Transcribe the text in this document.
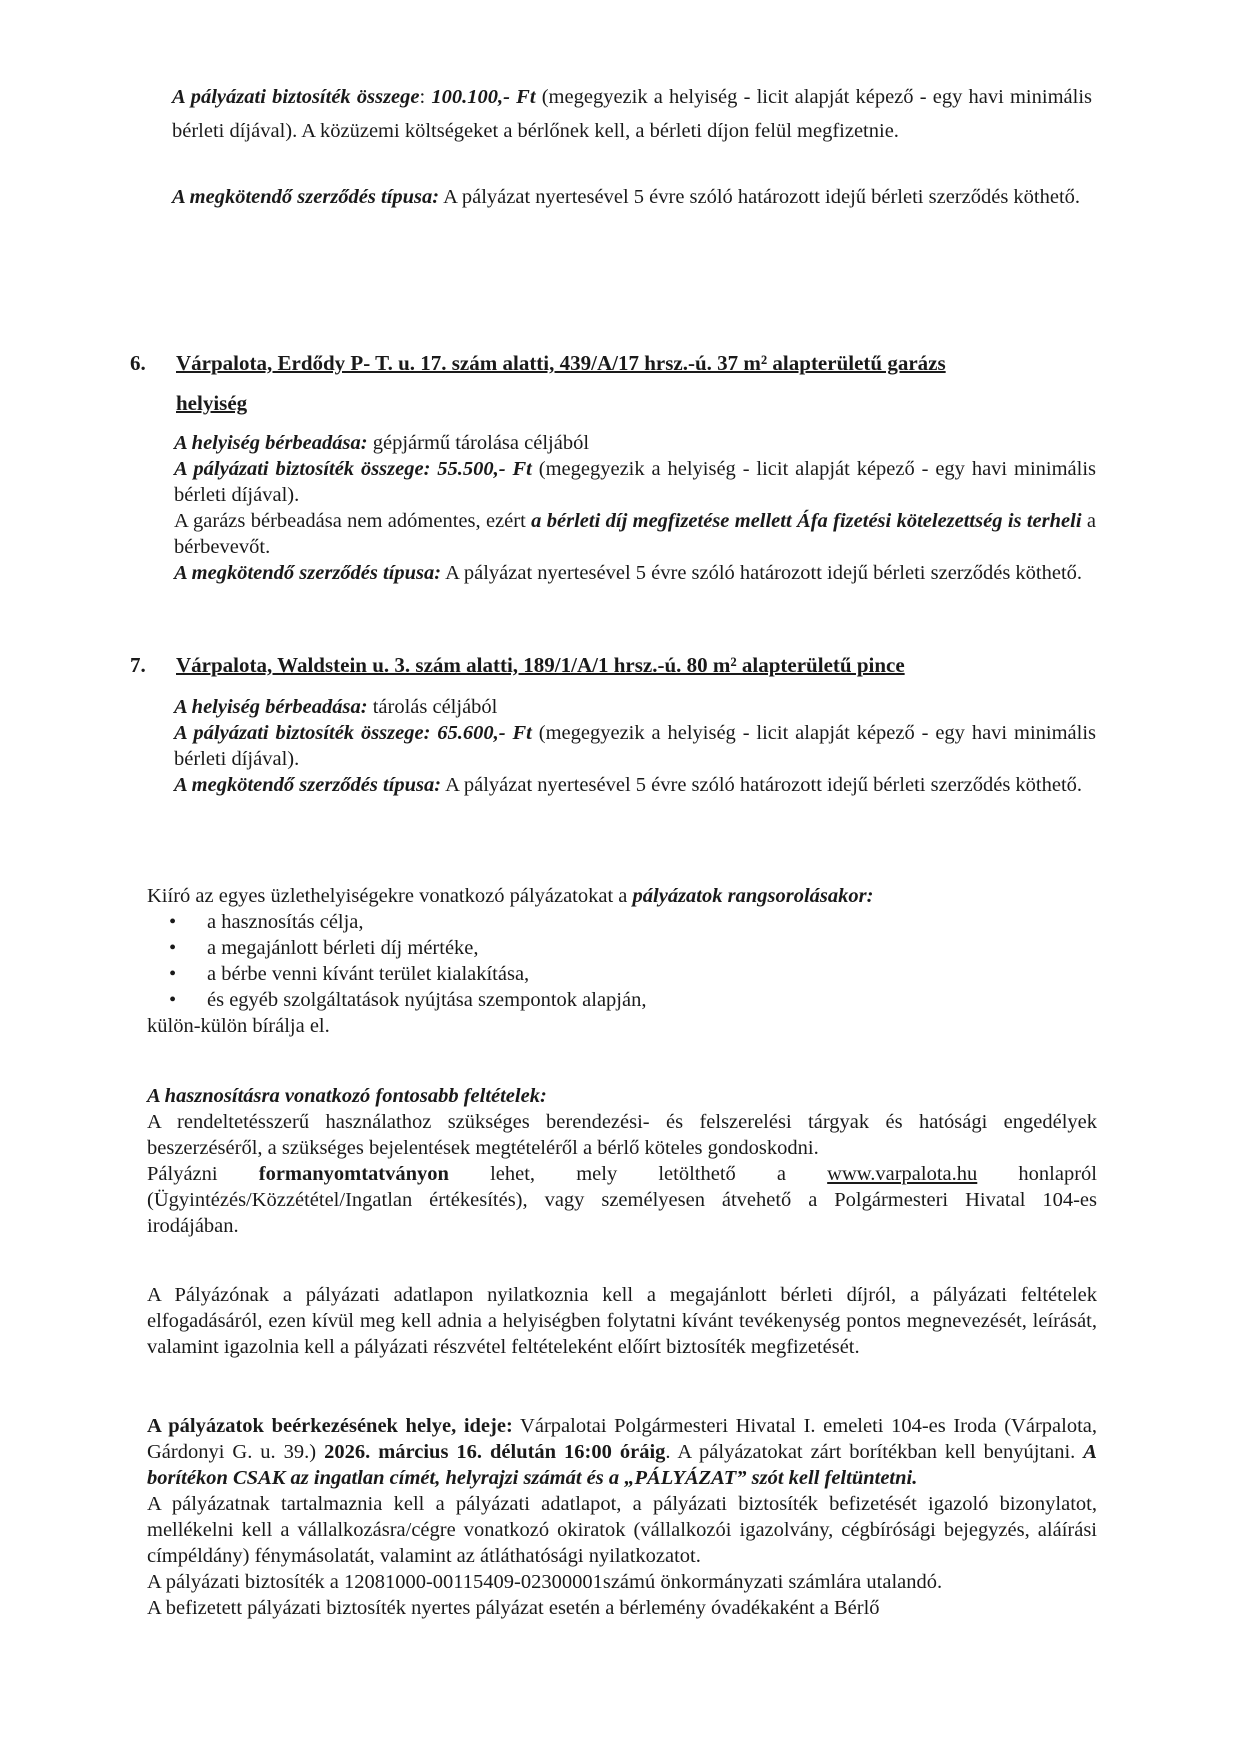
A pályázati biztosíték összege: 100.100,- Ft (megegyezik a helyiség - licit alapját képező - egy havi minimális bérleti díjával). A közüzemi költségeket a bérlőnek kell, a bérleti díjon felül megfizetnie.
A megkötendő szerződés típusa: A pályázat nyertesével 5 évre szóló határozott idejű bérleti szerződés köthető.
6. Várpalota, Erdődy P- T. u. 17. szám alatti, 439/A/17 hrsz.-ú. 37 m² alapterületű garázs
helyiség
A helyiség bérbeadása: gépjármű tárolása céljából
A pályázati biztosíték összege: 55.500,- Ft (megegyezik a helyiség - licit alapját képező - egy havi minimális bérleti díjával).
A garázs bérbeadása nem adómentes, ezért a bérleti díj megfizetése mellett Áfa fizetési kötelezettség is terheli a bérbevevőt.
A megkötendő szerződés típusa: A pályázat nyertesével 5 évre szóló határozott idejű bérleti szerződés köthető.
7. Várpalota, Waldstein u. 3. szám alatti, 189/1/A/1 hrsz.-ú. 80 m² alapterületű pince
A helyiség bérbeadása: tárolás céljából
A pályázati biztosíték összege: 65.600,- Ft (megegyezik a helyiség - licit alapját képező - egy havi minimális bérleti díjával).
A megkötendő szerződés típusa: A pályázat nyertesével 5 évre szóló határozott idejű bérleti szerződés köthető.
Kiíró az egyes üzlethelyiségekre vonatkozó pályázatokat a pályázatok rangsorolásakor:
• a hasznosítás célja,
• a megajánlott bérleti díj mértéke,
• a bérbe venni kívánt terület kialakítása,
• és egyéb szolgáltatások nyújtása szempontok alapján,
külön-külön bírálja el.
A hasznosításra vonatkozó fontosabb feltételek:
A rendeltetésszerű használathoz szükséges berendezési- és felszerelési tárgyak és hatósági engedélyek beszerzéséről, a szükséges bejelentések megtételéről a bérlő köteles gondoskodni.
Pályázni formanyomtatványon lehet, mely letölthető a www.varpalota.hu honlapról (Ügyintézés/Közzététel/Ingatlan értékesítés), vagy személyesen átvehető a Polgármesteri Hivatal 104-es irodájában.
A Pályázónak a pályázati adatlapon nyilatkoznia kell a megajánlott bérleti díjról, a pályázati feltételek elfogadásáról, ezen kívül meg kell adnia a helyiségben folytatni kívánt tevékenység pontos megnevezését, leírását, valamint igazolnia kell a pályázati részvétel feltételeként előírt biztosíték megfizetését.
A pályázatok beérkezésének helye, ideje: Várpalotai Polgármesteri Hivatal I. emeleti 104-es Iroda (Várpalota, Gárdonyi G. u. 39.) 2026. március 16. délután 16:00 óráig. A pályázatokat zárt borítékban kell benyújtani. A borítékon CSAK az ingatlan címét, helyrajzi számát és a „PÁLYÁZAT” szót kell feltüntetni.
A pályázatnak tartalmaznia kell a pályázati adatlapot, a pályázati biztosíték befizetését igazoló bizonylatot, mellékelni kell a vállalkozásra/cégre vonatkozó okiratok (vállalkozói igazolvány, cégbírósági bejegyzés, aláírási címpéldány) fénymásolatát, valamint az átláthatósági nyilatkozatot.
A pályázati biztosíték a 12081000-00115409-02300001számú önkormányzati számlára utalandó.
A befizetett pályázati biztosíték nyertes pályázat esetén a bérlemény óvadékaként a Bérlő
